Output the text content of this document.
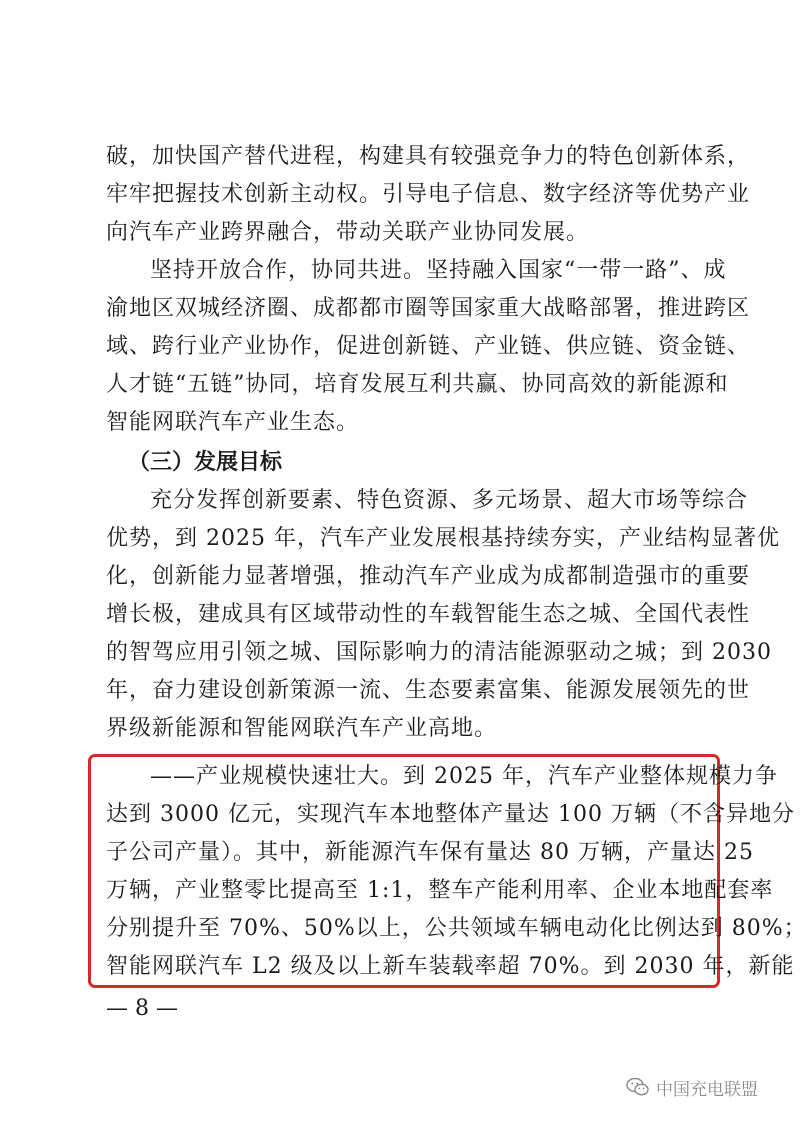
破，加快国产替代进程，构建具有较强竞争力的特色创新体系，
牢牢把握技术创新主动权。引导电子信息、数字经济等优势产业
向汽车产业跨界融合，带动关联产业协同发展。
坚持开放合作，协同共进。坚持融入国家“一带一路”、成
渝地区双城经济圈、成都都市圈等国家重大战略部署，推进跨区
域、跨行业产业协作，促进创新链、产业链、供应链、资金链、
人才链“五链”协同，培育发展互利共赢、协同高效的新能源和
智能网联汽车产业生态。
（三）发展目标
充分发挥创新要素、特色资源、多元场景、超大市场等综合
优势，到 2025 年，汽车产业发展根基持续夯实，产业结构显著优
化，创新能力显著增强，推动汽车产业成为成都制造强市的重要
增长极，建成具有区域带动性的车载智能生态之城、全国代表性
的智驾应用引领之城、国际影响力的清洁能源驱动之城；到 2030
年，奋力建设创新策源一流、生态要素富集、能源发展领先的世
界级新能源和智能网联汽车产业高地。
——产业规模快速壮大。到 2025 年，汽车产业整体规模力争
达到 3000 亿元，实现汽车本地整体产量达 100 万辆（不含异地分
子公司产量）。其中，新能源汽车保有量达 80 万辆，产量达 25
万辆，产业整零比提高至 1:1，整车产能利用率、企业本地配套率
分别提升至 70%、50%以上，公共领域车辆电动化比例达到 80%；
智能网联汽车 L2 级及以上新车装载率超 70%。到 2030 年，新能
— 8 —
中国充电联盟
